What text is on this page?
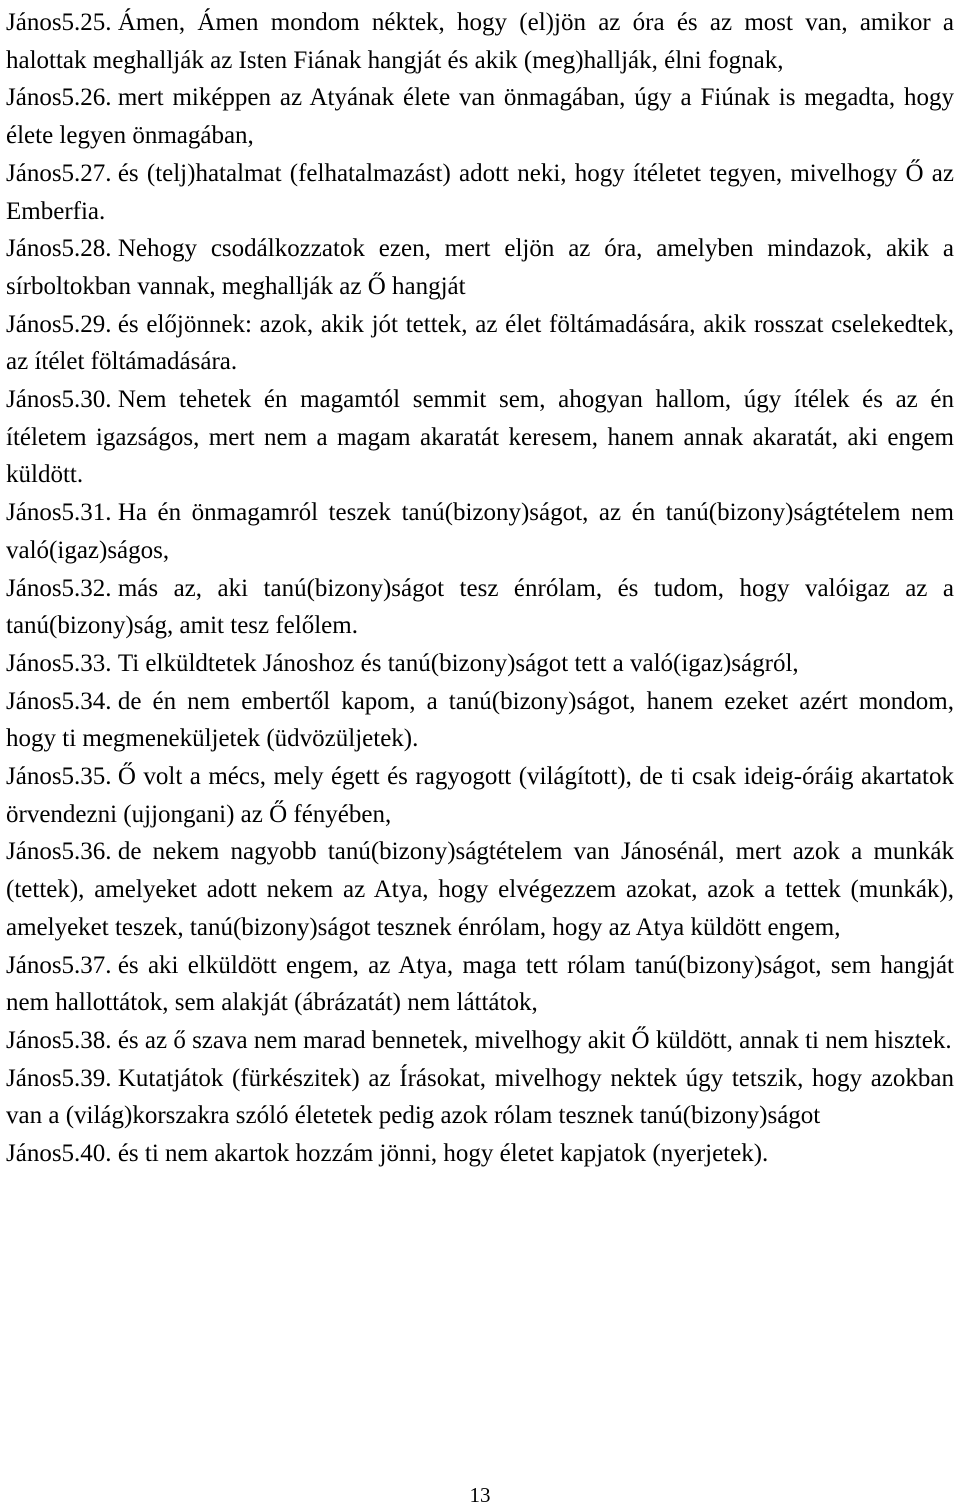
János5.25. Ámen, Ámen mondom néktek, hogy (el)jön az óra és az most van, amikor a halottak meghallják az Isten Fiának hangját és akik (meg)hallják, élni fognak,

János5.26. mert miképpen az Atyának élete van önmagában, úgy a Fiúnak is megadta, hogy élete legyen önmagában,

János5.27. és (telj)hatalmat (felhatalmazást) adott neki, hogy ítéletet tegyen, mivelhogy Ő az Emberfia.

János5.28. Nehogy csodálkozzatok ezen, mert eljön az óra, amelyben mindazok, akik a sírboltokban vannak, meghallják az Ő hangját

János5.29. és előjönnek: azok, akik jót tettek, az élet föltámadására, akik rosszat cselekedtek, az ítélet föltámadására.

János5.30. Nem tehetek én magamtól semmit sem, ahogyan hallom, úgy ítélek és az én ítéletem igazságos, mert nem a magam akaratát keresem, hanem annak akaratát, aki engem küldött.

János5.31. Ha én önmagamról teszek tanú(bizony)ságot, az én tanú(bizony)ságtételem nem való(igaz)ságos,

János5.32. más az, aki tanú(bizony)ságot tesz énrólam, és tudom, hogy valóigaz az a tanú(bizony)ság, amit tesz felőlem.

János5.33. Ti elküldtetek Jánoshoz és tanú(bizony)ságot tett a való(igaz)ságról,

János5.34. de én nem embertől kapom, a tanú(bizony)ságot, hanem ezeket azért mondom, hogy ti megmeneküljetek (üdvözüljetek).

János5.35. Ő volt a mécs, mely égett és ragyogott (világított), de ti csak ideig-óráig akartatok örvendezni (ujjongani) az Ő fényében,

János5.36. de nekem nagyobb tanú(bizony)ságtételem van Jánosénál, mert azok a munkák (tettek), amelyeket adott nekem az Atya, hogy elvégezzem azokat, azok a tettek (munkák), amelyeket teszek, tanú(bizony)ságot tesznek énrólam, hogy az Atya küldött engem,

János5.37. és aki elküldött engem, az Atya, maga tett rólam tanú(bizony)ságot, sem hangját nem hallottátok, sem alakját (ábrázatát) nem láttátok,

János5.38. és az ő szava nem marad bennetek, mivelhogy akit Ő küldött, annak ti nem hisztek.

János5.39. Kutatjátok (fürkészitek) az Írásokat, mivelhogy nektek úgy tetszik, hogy azokban van a (világ)korszakra szóló életetek pedig azok rólam tesznek tanú(bizony)ságot

János5.40. és ti nem akartok hozzám jönni, hogy életet kapjatok (nyerjetek).

13
